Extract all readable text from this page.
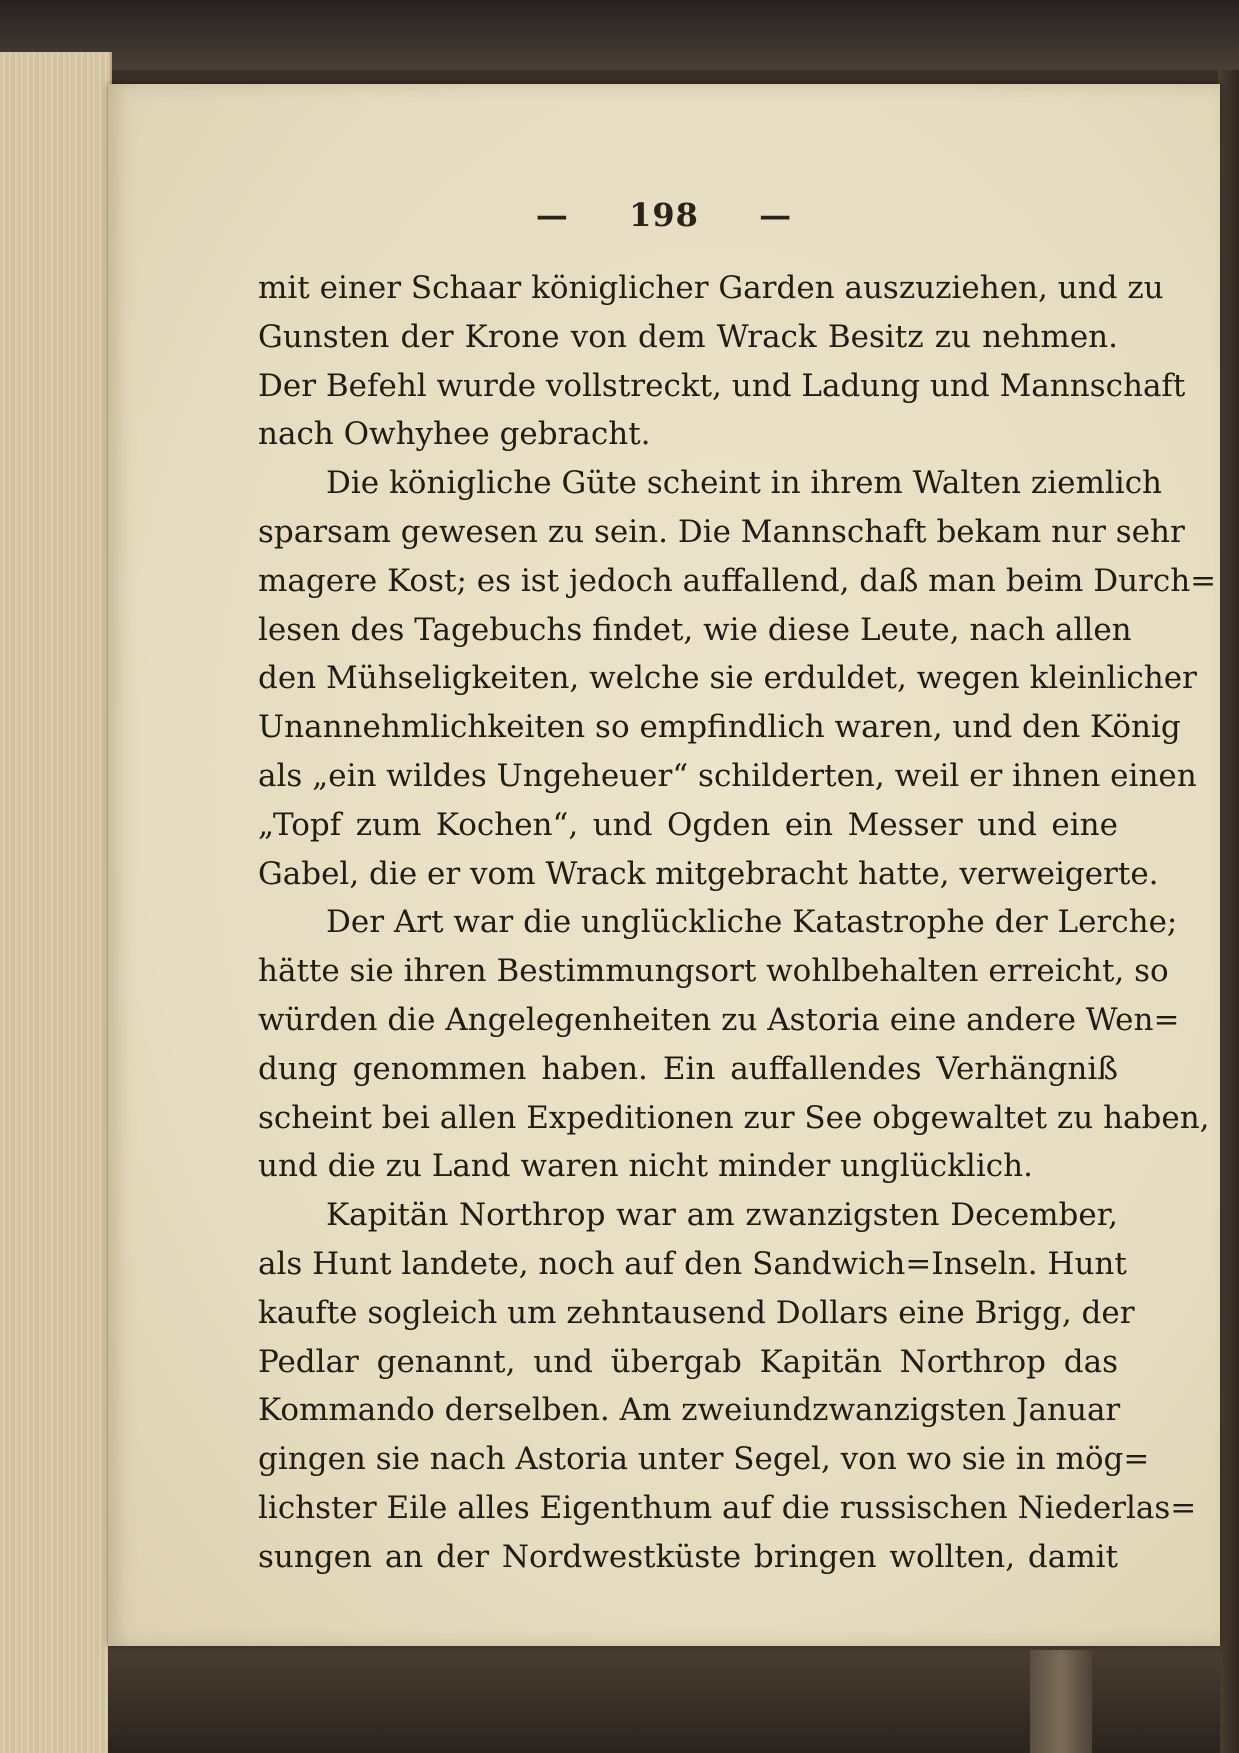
— 198 —
mit einer Schaar königlicher Garden auszuziehen, und zu
Gunsten der Krone von dem Wrack Besitz zu nehmen.
Der Befehl wurde vollstreckt, und Ladung und Mannschaft
nach Owhyhee gebracht.
Die königliche Güte scheint in ihrem Walten ziemlich
sparsam gewesen zu sein. Die Mannschaft bekam nur sehr
magere Kost; es ist jedoch auffallend, daß man beim Durch=
lesen des Tagebuchs findet, wie diese Leute, nach allen
den Mühseligkeiten, welche sie erduldet, wegen kleinlicher
Unannehmlichkeiten so empfindlich waren, und den König
als „ein wildes Ungeheuer“ schilderten, weil er ihnen einen
„Topf zum Kochen“, und Ogden ein Messer und eine
Gabel, die er vom Wrack mitgebracht hatte, verweigerte.
Der Art war die unglückliche Katastrophe der Lerche;
hätte sie ihren Bestimmungsort wohlbehalten erreicht, so
würden die Angelegenheiten zu Astoria eine andere Wen=
dung genommen haben. Ein auffallendes Verhängniß
scheint bei allen Expeditionen zur See obgewaltet zu haben,
und die zu Land waren nicht minder unglücklich.
Kapitän Northrop war am zwanzigsten December,
als Hunt landete, noch auf den Sandwich=Inseln. Hunt
kaufte sogleich um zehntausend Dollars eine Brigg, der
Pedlar genannt, und übergab Kapitän Northrop das
Kommando derselben. Am zweiundzwanzigsten Januar
gingen sie nach Astoria unter Segel, von wo sie in mög=
lichster Eile alles Eigenthum auf die russischen Niederlas=
sungen an der Nordwestküste bringen wollten, damit
